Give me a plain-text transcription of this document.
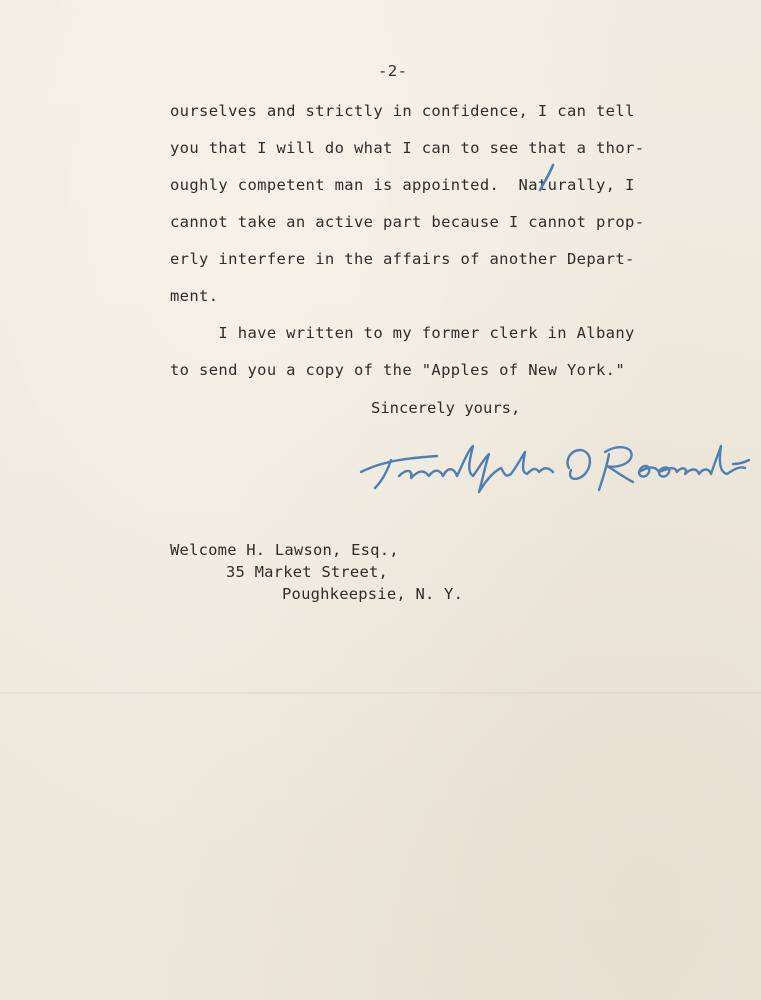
-2-
ourselves and strictly in confidence, I can tell
you that I will do what I can to see that a thor-
oughly competent man is appointed.  Naturally, I
cannot take an active part because I cannot prop-
erly interfere in the affairs of another Depart-
ment.
I have written to my former clerk in Albany
to send you a copy of the "Apples of New York."
Sincerely yours,
Welcome H. Lawson, Esq.,
35 Market Street,
Poughkeepsie, N. Y.
